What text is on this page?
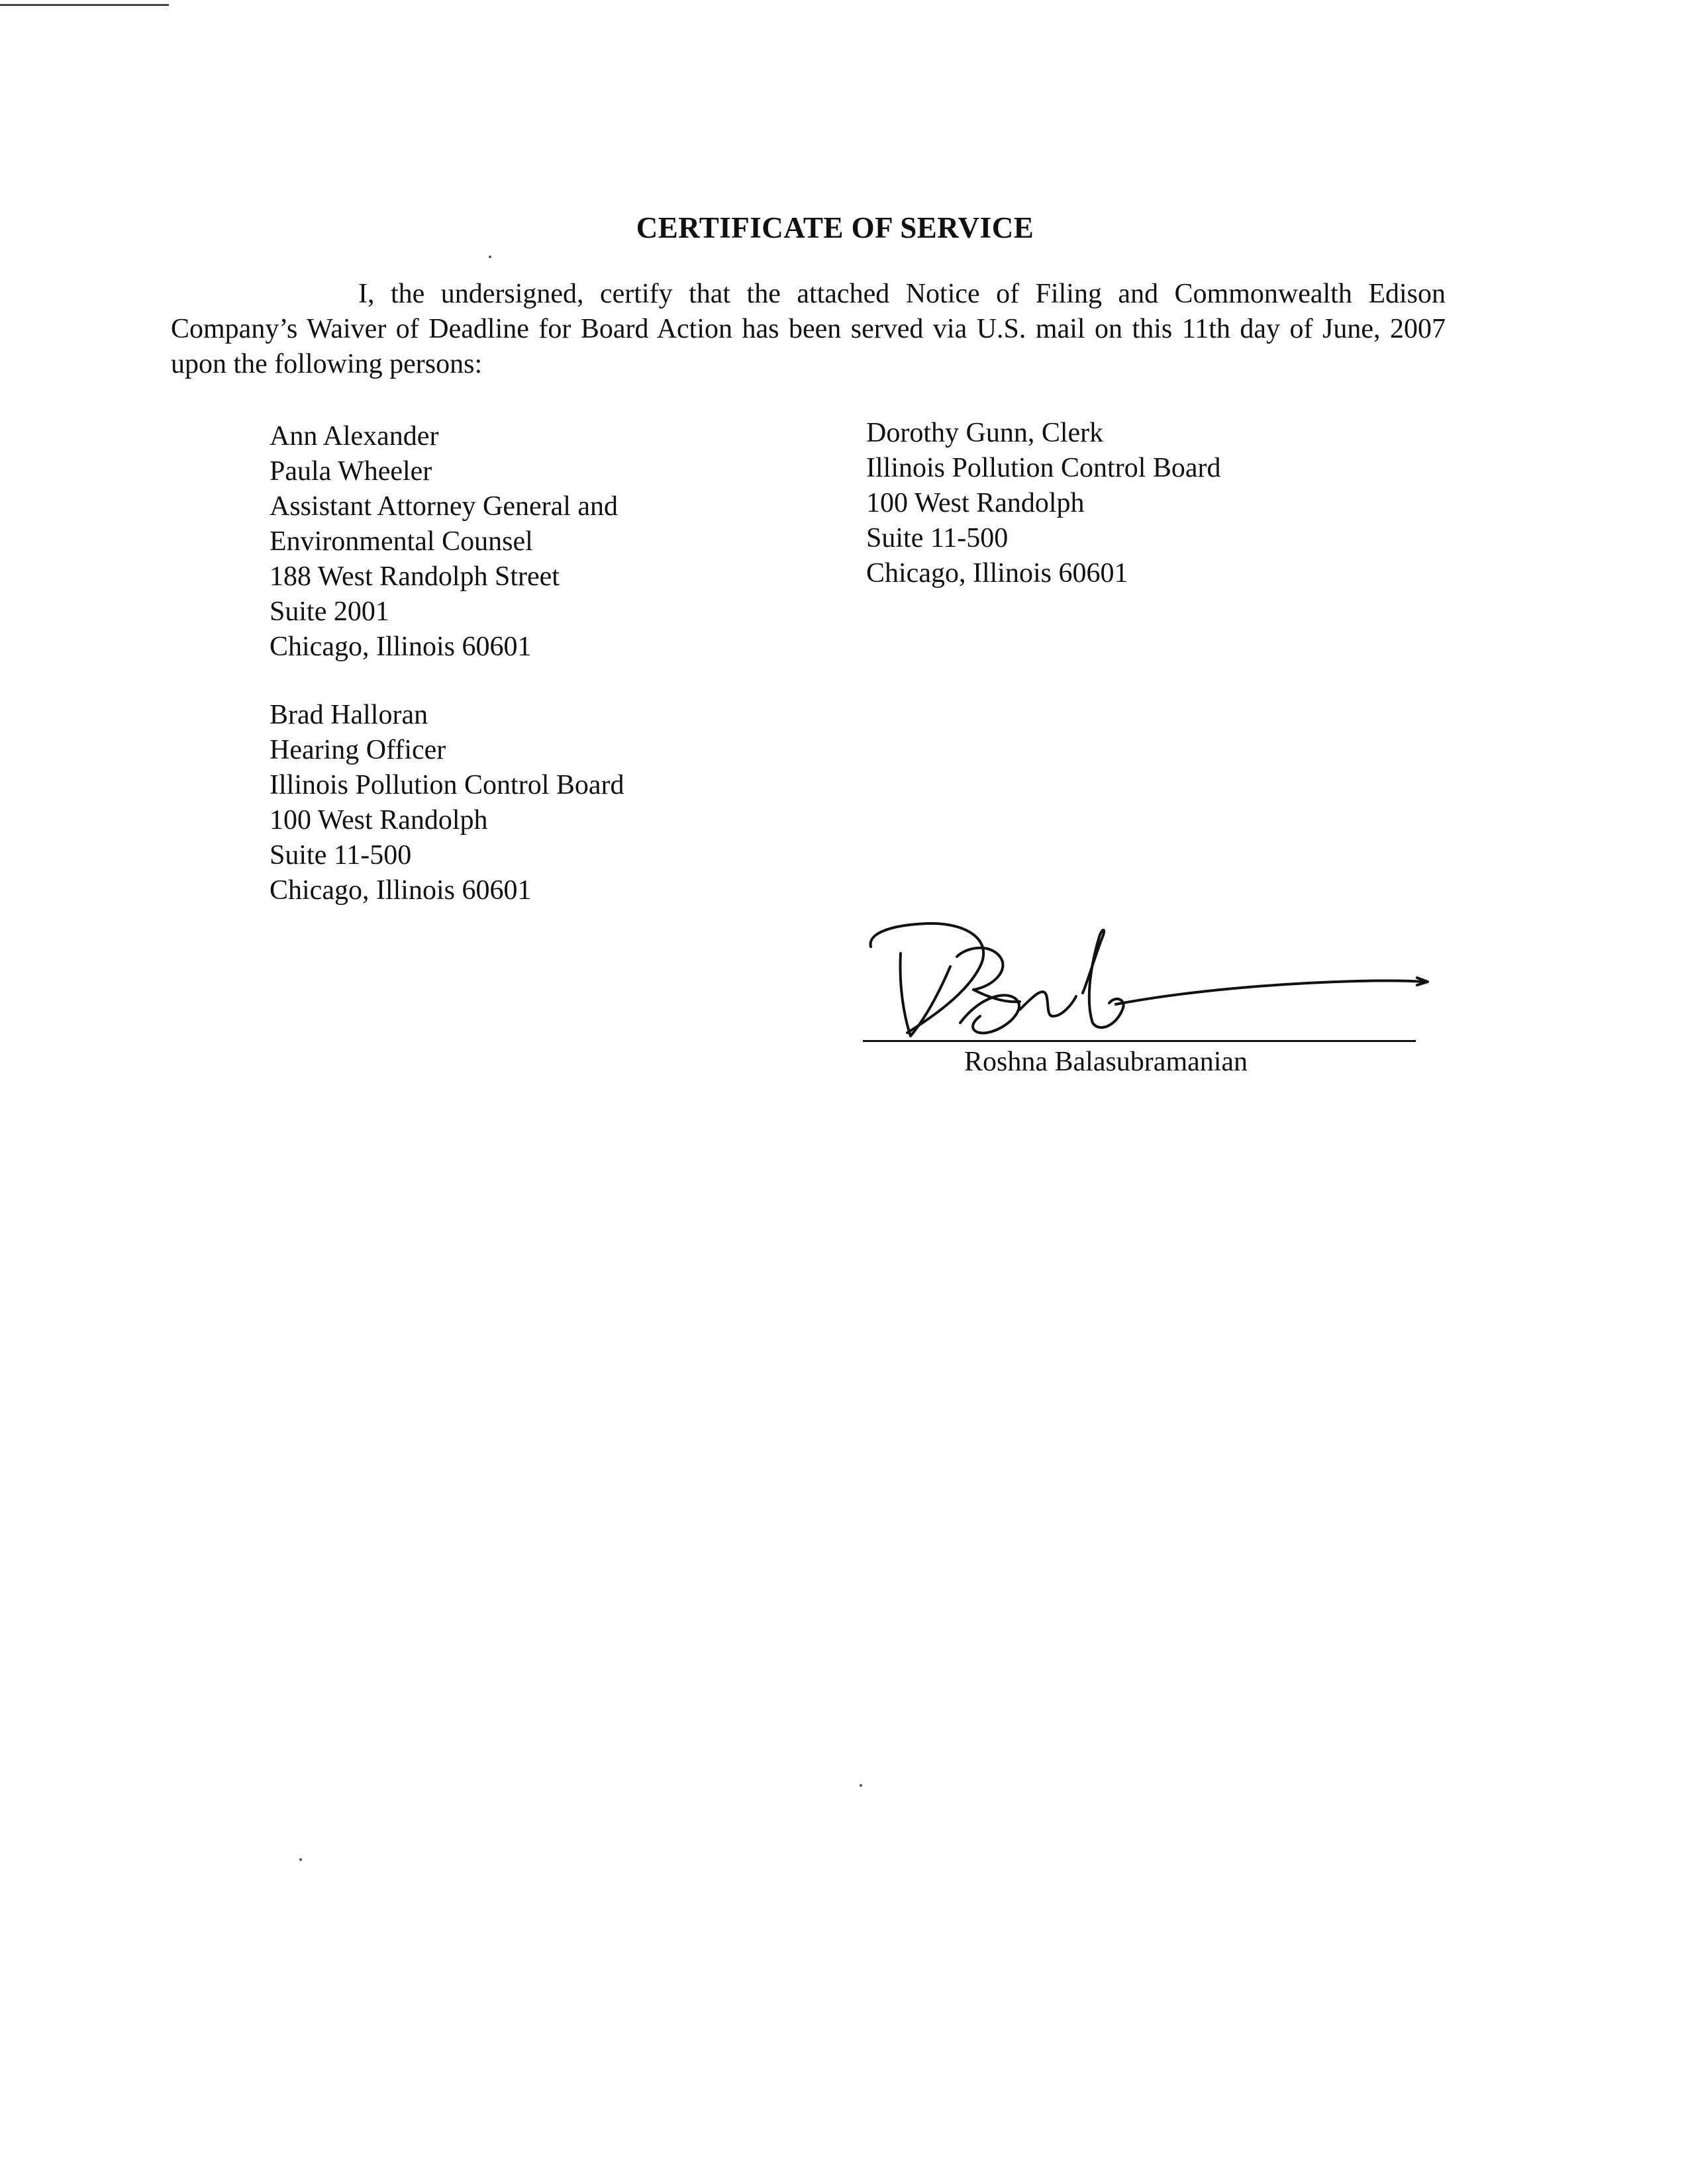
CERTIFICATE OF SERVICE

I, the undersigned, certify that the attached Notice of Filing and Commonwealth Edison Company’s Waiver of Deadline for Board Action has been served via U.S. mail on this 11th day of June, 2007 upon the following persons:

Ann Alexander
Paula Wheeler
Assistant Attorney General and
Environmental Counsel
188 West Randolph Street
Suite 2001
Chicago, Illinois 60601
Brad Halloran
Hearing Officer
Illinois Pollution Control Board
100 West Randolph
Suite 11-500
Chicago, Illinois 60601
Dorothy Gunn, Clerk
Illinois Pollution Control Board
100 West Randolph
Suite 11-500
Chicago, Illinois 60601
Roshna Balasubramanian
